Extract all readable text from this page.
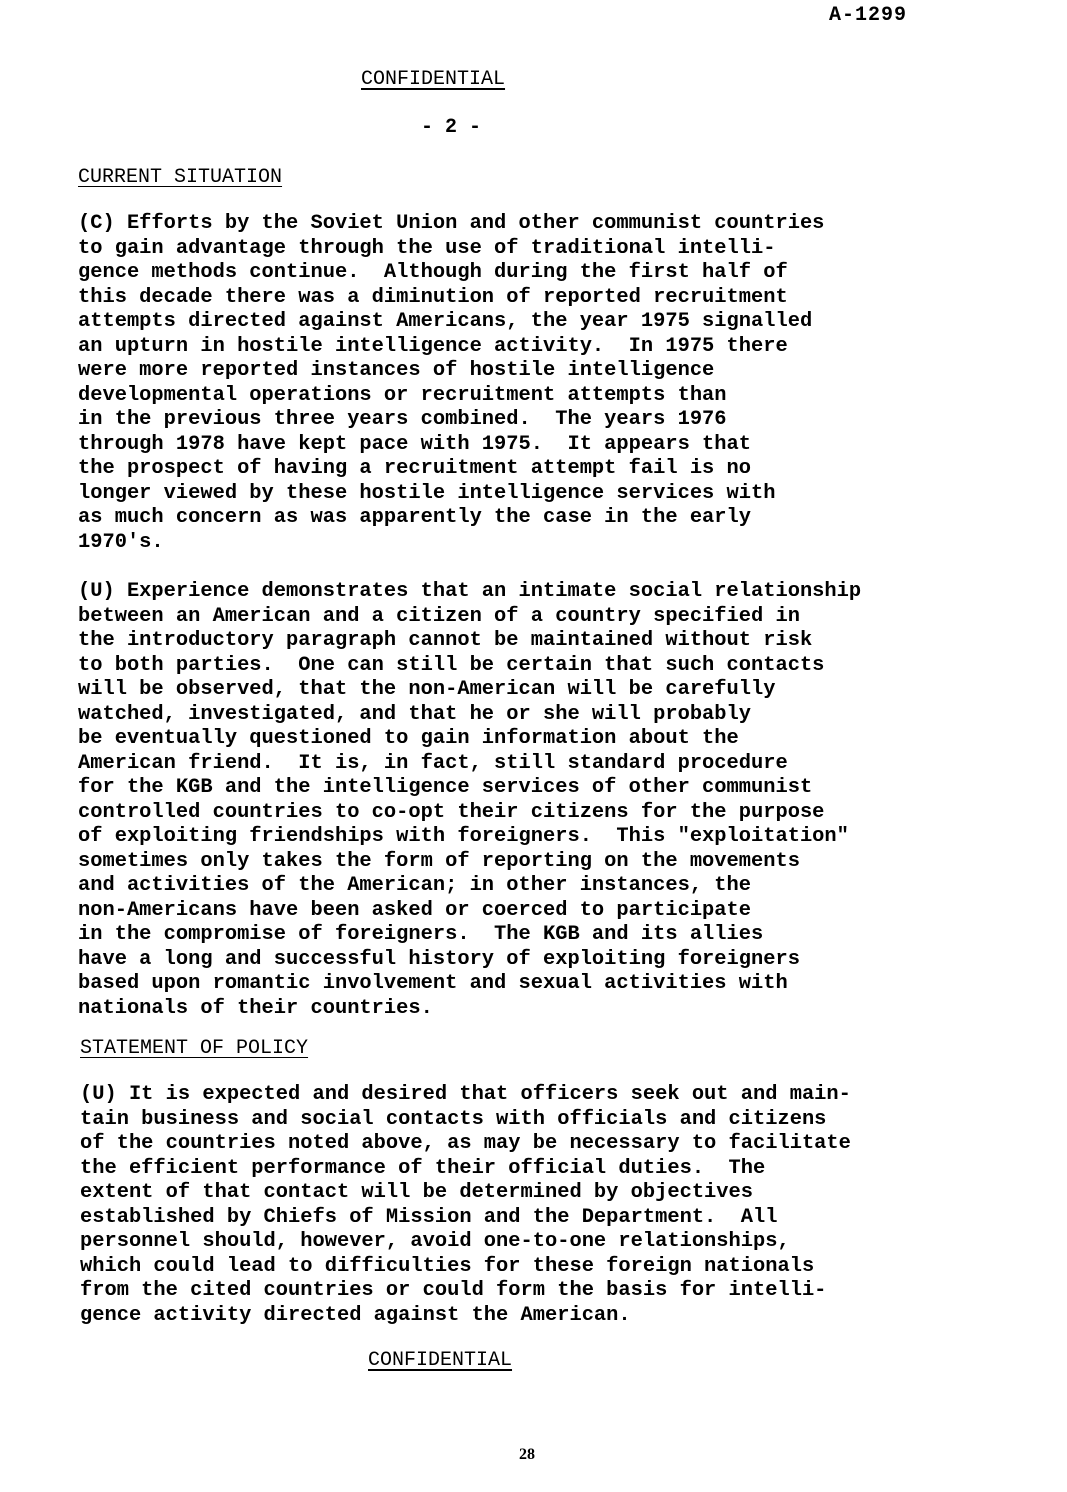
A-1299
CONFIDENTIAL
- 2 -
CURRENT SITUATION

(C) Efforts by the Soviet Union and other communist countries
to gain advantage through the use of traditional intelli-
gence methods continue.  Although during the first half of
this decade there was a diminution of reported recruitment
attempts directed against Americans, the year 1975 signalled
an upturn in hostile intelligence activity.  In 1975 there
were more reported instances of hostile intelligence
developmental operations or recruitment attempts than
in the previous three years combined.  The years 1976
through 1978 have kept pace with 1975.  It appears that
the prospect of having a recruitment attempt fail is no
longer viewed by these hostile intelligence services with
as much concern as was apparently the case in the early
1970's.

(U) Experience demonstrates that an intimate social relationship
between an American and a citizen of a country specified in
the introductory paragraph cannot be maintained without risk
to both parties.  One can still be certain that such contacts
will be observed, that the non-American will be carefully
watched, investigated, and that he or she will probably
be eventually questioned to gain information about the
American friend.  It is, in fact, still standard procedure
for the KGB and the intelligence services of other communist
controlled countries to co-opt their citizens for the purpose
of exploiting friendships with foreigners.  This "exploitation"
sometimes only takes the form of reporting on the movements
and activities of the American; in other instances, the
non-Americans have been asked or coerced to participate
in the compromise of foreigners.  The KGB and its allies
have a long and successful history of exploiting foreigners
based upon romantic involvement and sexual activities with
nationals of their countries.

STATEMENT OF POLICY

(U) It is expected and desired that officers seek out and main-
tain business and social contacts with officials and citizens
of the countries noted above, as may be necessary to facilitate
the efficient performance of their official duties.  The
extent of that contact will be determined by objectives
established by Chiefs of Mission and the Department.  All
personnel should, however, avoid one-to-one relationships,
which could lead to difficulties for these foreign nationals
from the cited countries or could form the basis for intelli-
gence activity directed against the American.

CONFIDENTIAL
28
